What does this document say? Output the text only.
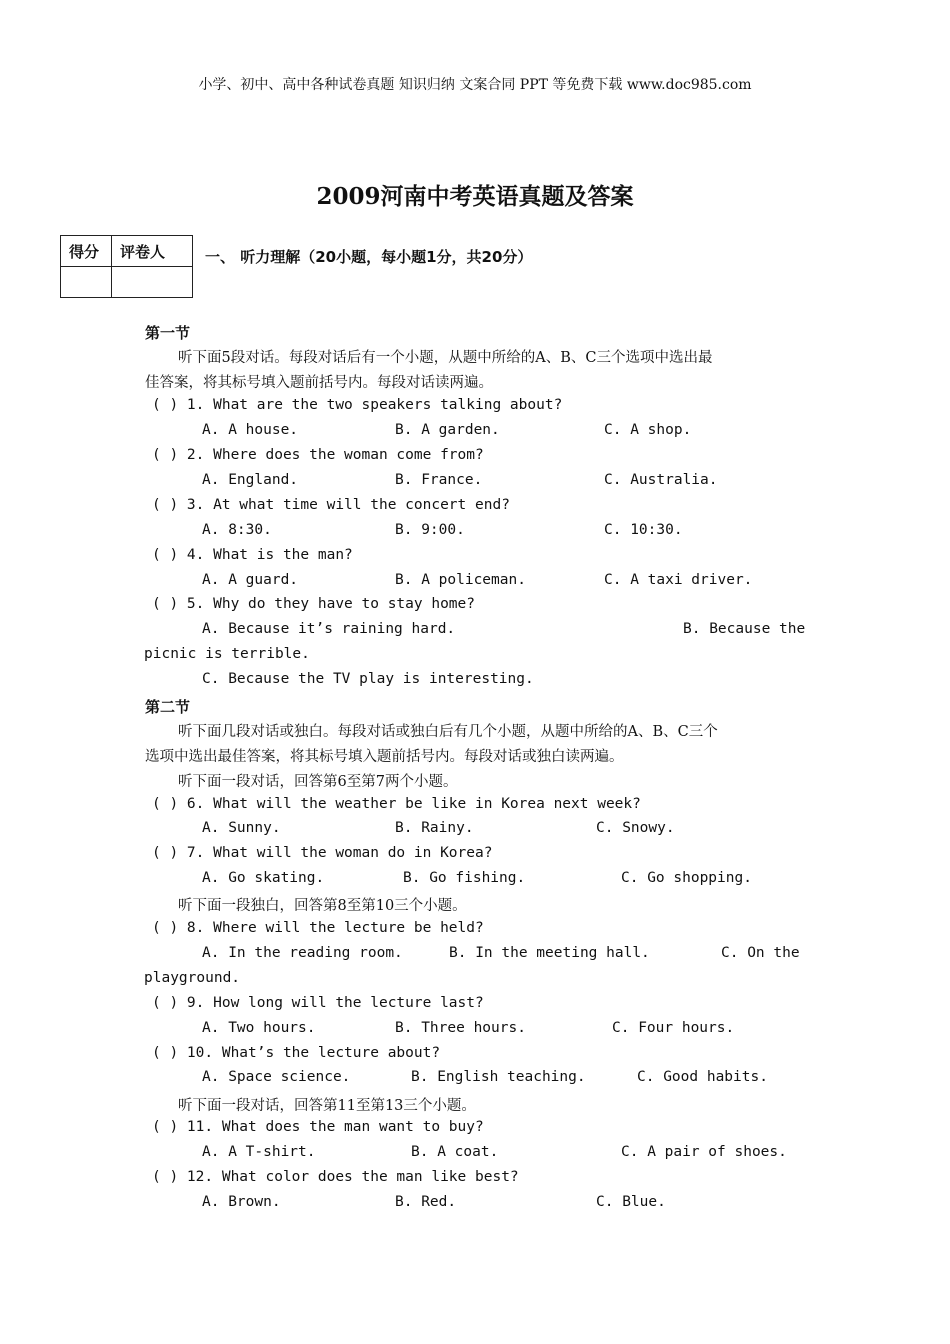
小学、初中、高中各种试卷真题 知识归纳 文案合同 PPT 等免费下载 www.doc985.com
2009河南中考英语真题及答案
得分	评卷人
		一、 听力理解（20小题，每小题1分，共20分）
第一节
听下面5段对话。每段对话后有一个小题，从题中所给的A、B、C三个选项中选出最
佳答案，将其标号填入题前括号内。每段对话读两遍。
( ) 1. What are the two speakers talking about?
A. A house.	B. A garden.	C. A shop.
( ) 2. Where does the woman come from?
A. England.	B. France.	C. Australia.
( ) 3. At what time will the concert end?
A. 8:30.	B. 9:00.	C. 10:30.
( ) 4. What is the man?
A. A guard.	B. A policeman.	C. A taxi driver.
( ) 5. Why do they have to stay home?
A. Because it’s raining hard.	B. Because the
picnic is terrible.
C. Because the TV play is interesting.
第二节
听下面几段对话或独白。每段对话或独白后有几个小题，从题中所给的A、B、C三个
选项中选出最佳答案，将其标号填入题前括号内。每段对话或独白读两遍。
听下面一段对话，回答第6至第7两个小题。
( ) 6. What will the weather be like in Korea next week?
A. Sunny.	B. Rainy.	C. Snowy.
( ) 7. What will the woman do in Korea?
A. Go skating.	B. Go fishing.	C. Go shopping.
听下面一段独白，回答第8至第10三个小题。
( ) 8. Where will the lecture be held?
A. In the reading room.	B. In the meeting hall.	C. On the
playground.
( ) 9. How long will the lecture last?
A. Two hours.	B. Three hours.	C. Four hours.
( ) 10. What’s the lecture about?
A. Space science.	B. English teaching.	C. Good habits.
听下面一段对话，回答第11至第13三个小题。
( ) 11. What does the man want to buy?
A. A T-shirt.	B. A coat.	C. A pair of shoes.
( ) 12. What color does the man like best?
A. Brown.	B. Red.	C. Blue.
